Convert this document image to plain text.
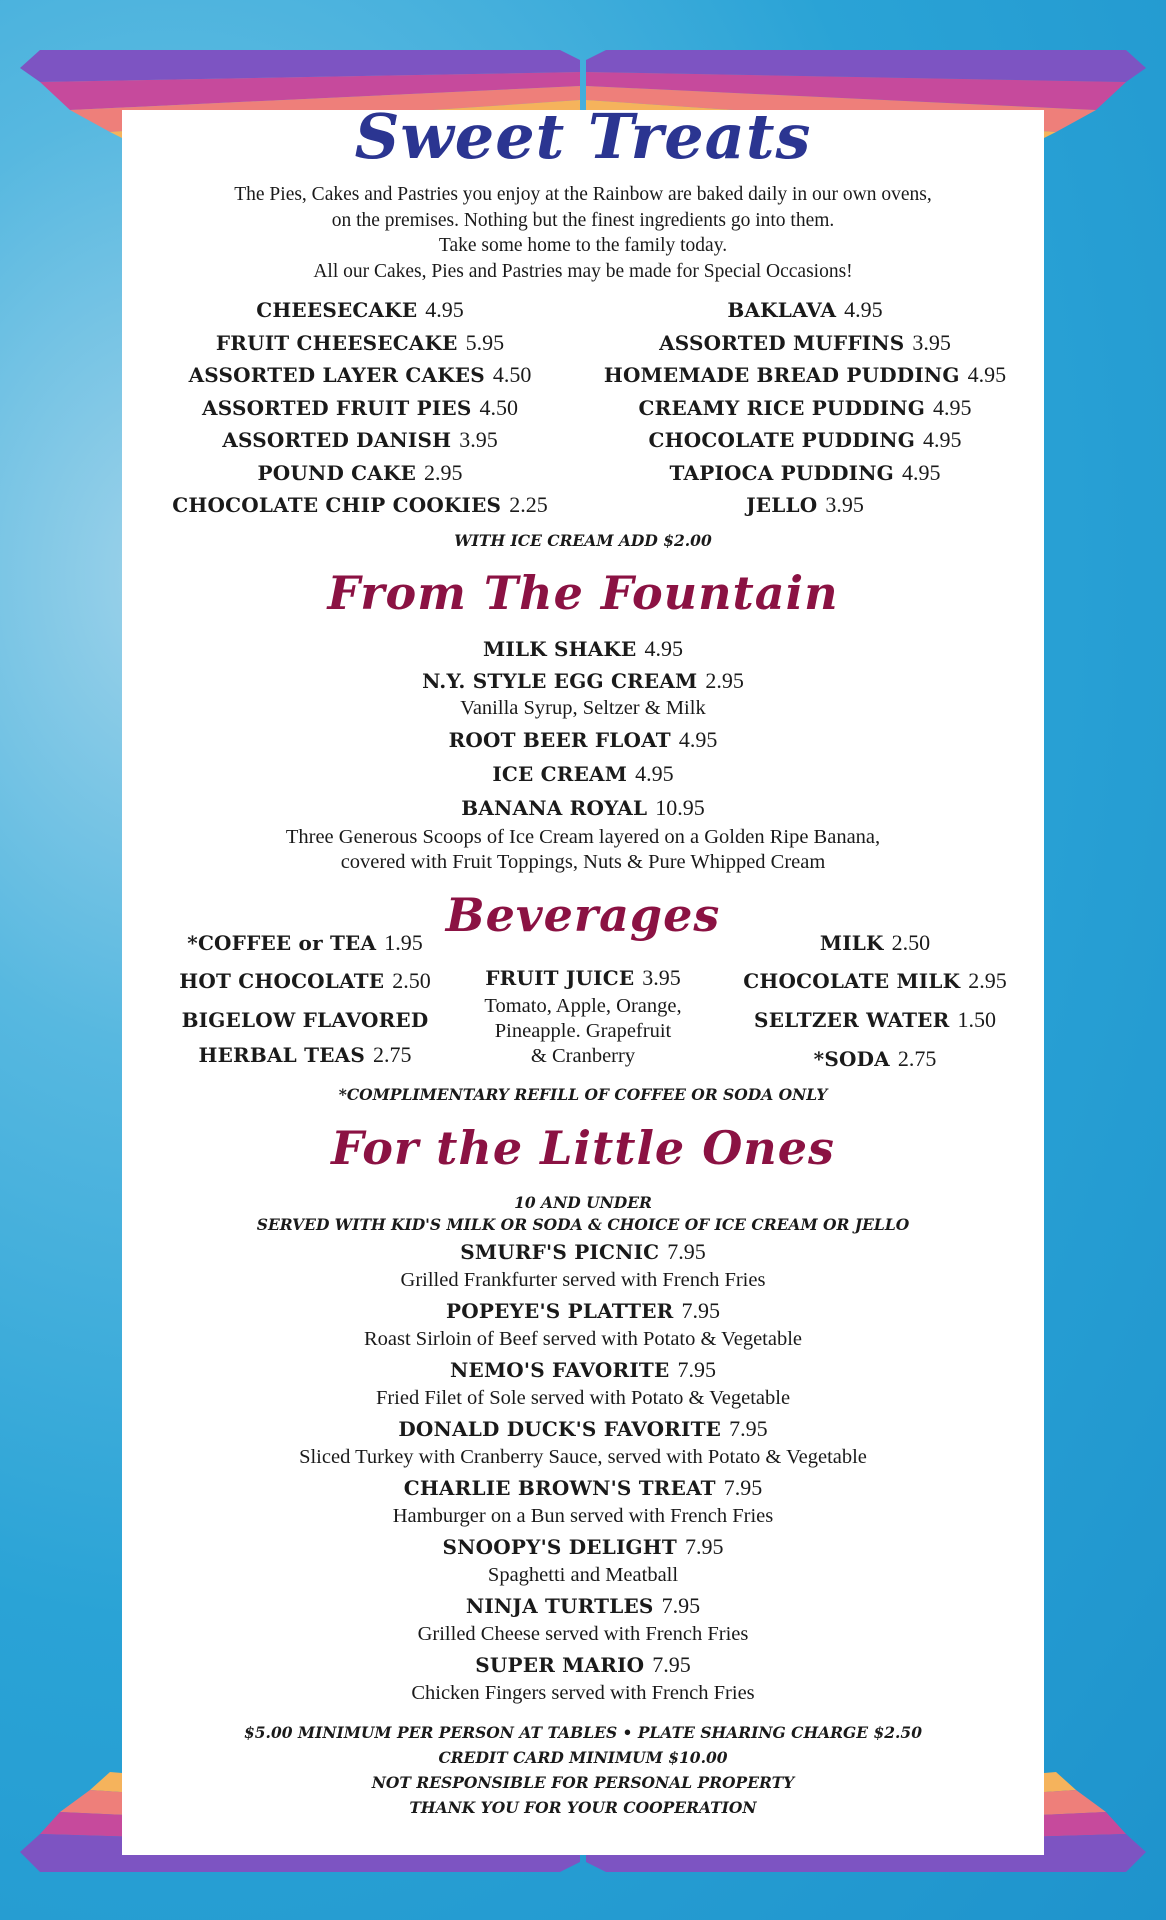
Sweet Treats
The Pies, Cakes and Pastries you enjoy at the Rainbow are baked daily in our own ovens,
on the premises. Nothing but the finest ingredients go into them.
Take some home to the family today.
All our Cakes, Pies and Pastries may be made for Special Occasions!
CHEESECAKE 4.95
FRUIT CHEESECAKE 5.95
ASSORTED LAYER CAKES 4.50
ASSORTED FRUIT PIES 4.50
ASSORTED DANISH 3.95
POUND CAKE 2.95
CHOCOLATE CHIP COOKIES 2.25
BAKLAVA 4.95
ASSORTED MUFFINS 3.95
HOMEMADE BREAD PUDDING 4.95
CREAMY RICE PUDDING 4.95
CHOCOLATE PUDDING 4.95
TAPIOCA PUDDING 4.95
JELLO 3.95
WITH ICE CREAM ADD $2.00
From The Fountain
MILK SHAKE 4.95
N.Y. STYLE EGG CREAM 2.95
Vanilla Syrup, Seltzer & Milk
ROOT BEER FLOAT 4.95
ICE CREAM 4.95
BANANA ROYAL 10.95
Three Generous Scoops of Ice Cream layered on a Golden Ripe Banana,
covered with Fruit Toppings, Nuts & Pure Whipped Cream
Beverages
*COFFEE or TEA 1.95
HOT CHOCOLATE 2.50
BIGELOW FLAVORED
HERBAL TEAS 2.75
FRUIT JUICE 3.95
Tomato, Apple, Orange,
Pineapple. Grapefruit
& Cranberry
MILK 2.50
CHOCOLATE MILK 2.95
SELTZER WATER 1.50
*SODA 2.75
*COMPLIMENTARY REFILL OF COFFEE OR SODA ONLY
For the Little Ones
10 AND UNDER
SERVED WITH KID'S MILK OR SODA & CHOICE OF ICE CREAM OR JELLO
SMURF'S PICNIC 7.95
Grilled Frankfurter served with French Fries
POPEYE'S PLATTER 7.95
Roast Sirloin of Beef served with Potato & Vegetable
NEMO'S FAVORITE 7.95
Fried Filet of Sole served with Potato & Vegetable
DONALD DUCK'S FAVORITE 7.95
Sliced Turkey with Cranberry Sauce, served with Potato & Vegetable
CHARLIE BROWN'S TREAT 7.95
Hamburger on a Bun served with French Fries
SNOOPY'S DELIGHT 7.95
Spaghetti and Meatball
NINJA TURTLES 7.95
Grilled Cheese served with French Fries
SUPER MARIO 7.95
Chicken Fingers served with French Fries
$5.00 MINIMUM PER PERSON AT TABLES • PLATE SHARING CHARGE $2.50
CREDIT CARD MINIMUM $10.00
NOT RESPONSIBLE FOR PERSONAL PROPERTY
THANK YOU FOR YOUR COOPERATION
